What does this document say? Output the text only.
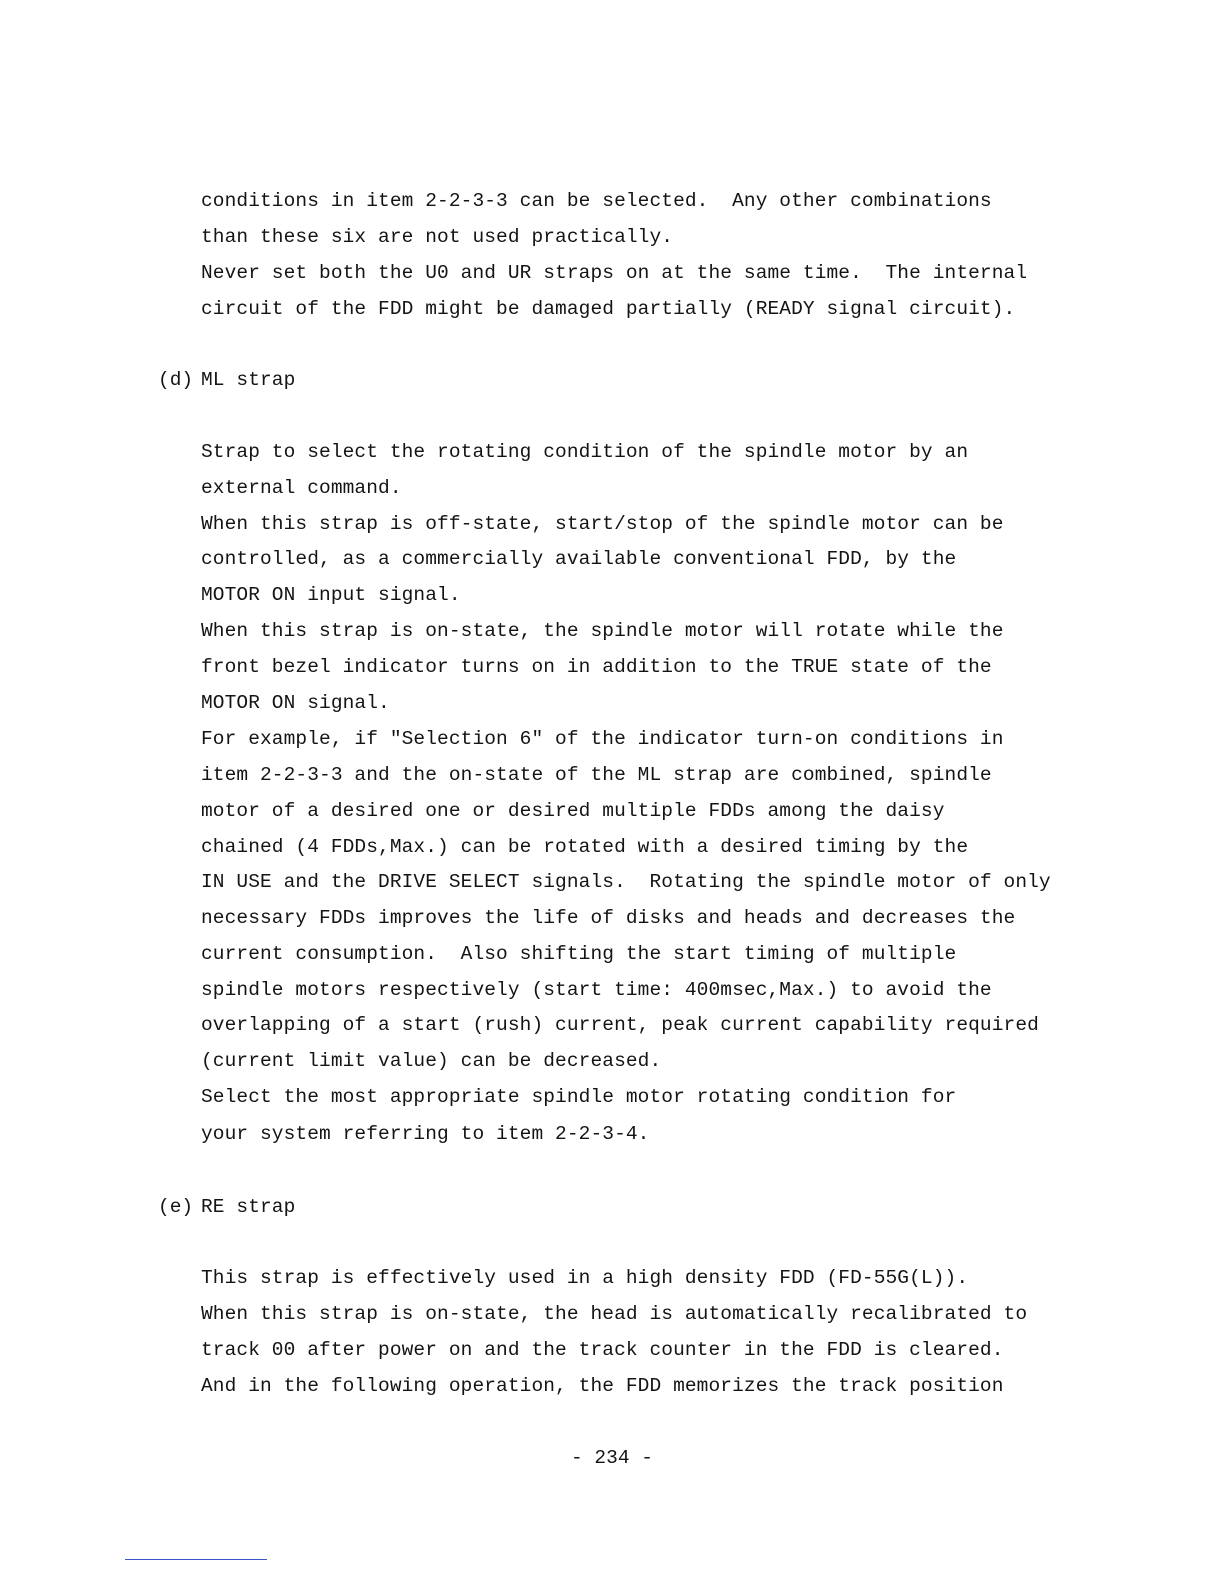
conditions in item 2-2-3-3 can be selected.  Any other combinations
than these six are not used practically.
Never set both the U0 and UR straps on at the same time.  The internal
circuit of the FDD might be damaged partially (READY signal circuit).
(d) ML strap
Strap to select the rotating condition of the spindle motor by an
external command.
When this strap is off-state, start/stop of the spindle motor can be
controlled, as a commercially available conventional FDD, by the
MOTOR ON input signal.
When this strap is on-state, the spindle motor will rotate while the
front bezel indicator turns on in addition to the TRUE state of the
MOTOR ON signal.
For example, if "Selection 6" of the indicator turn-on conditions in
item 2-2-3-3 and the on-state of the ML strap are combined, spindle
motor of a desired one or desired multiple FDDs among the daisy
chained (4 FDDs,Max.) can be rotated with a desired timing by the
IN USE and the DRIVE SELECT signals.  Rotating the spindle motor of only
necessary FDDs improves the life of disks and heads and decreases the
current consumption.  Also shifting the start timing of multiple
spindle motors respectively (start time: 400msec,Max.) to avoid the
overlapping of a start (rush) current, peak current capability required
(current limit value) can be decreased.
Select the most appropriate spindle motor rotating condition for
your system referring to item 2-2-3-4.
(e) RE strap
This strap is effectively used in a high density FDD (FD-55G(L)).
When this strap is on-state, the head is automatically recalibrated to
track 00 after power on and the track counter in the FDD is cleared.
And in the following operation, the FDD memorizes the track position
- 234 -
